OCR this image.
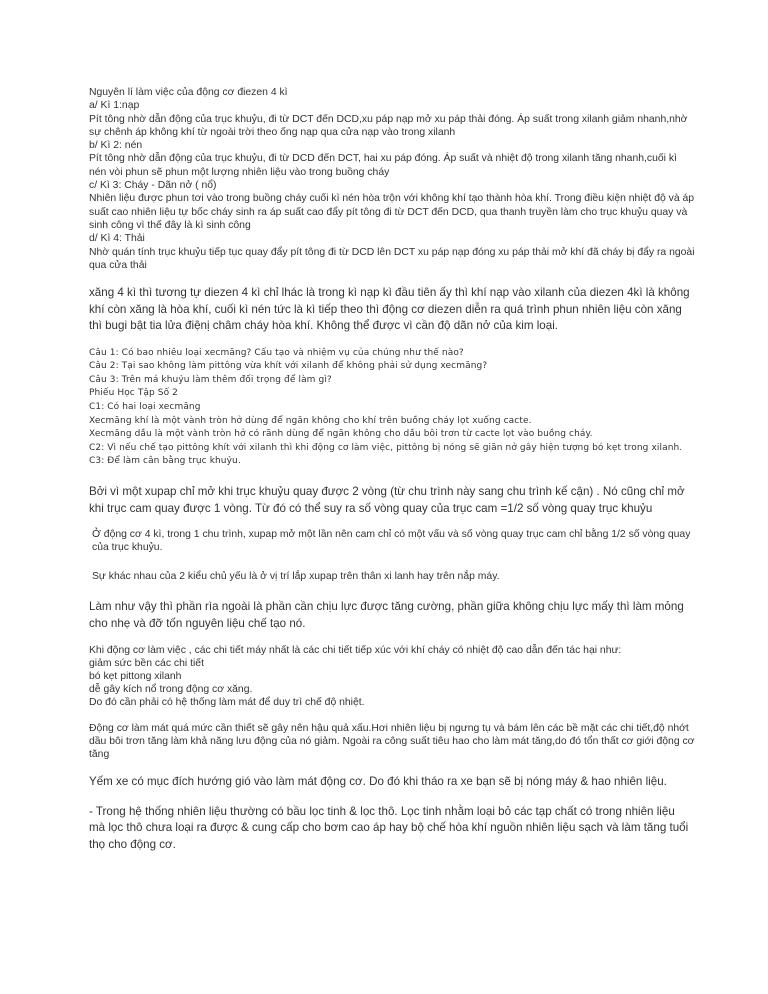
Nguyên lí làm việc của động cơ điezen 4 kì
a/ Kì 1:nạp
Pít tông nhờ dẫn động của trục khuỷu, đi từ DCT đến DCD,xu páp nạp mở xu páp thải đóng. Áp suất trong xilanh giảm nhanh,nhờ
sự chênh áp không khí từ ngoài trời theo ống nạp qua cửa nạp vào trong xilanh
b/ Kì 2: nén
Pít tông nhờ dẫn động của trục khuỷu, đi từ DCD đến DCT, hai xu páp đóng. Áp suất và nhiệt độ trong xilanh tăng nhanh,cuối kì
nén vòi phun sẽ phun một lượng nhiên liệu vào trong buồng cháy
c/ Kì 3: Cháy - Dãn nở ( nổ)
Nhiên liệu được phun tơi vào trong buồng cháy cuối kì nén hòa trộn với không khí tạo thành hòa khí. Trong điều kiện nhiệt độ và áp
suất cao nhiên liệu tự bốc cháy sinh ra áp suất cao đẩy pít tông đi từ DCT đến DCD, qua thanh truyền làm cho trục khuỷu quay và
sinh công vì thế đây là kì sinh công
d/ Kì 4: Thải
Nhờ quán tính trục khuỷu tiếp tục quay đẩy pít tông đi từ DCD lên DCT xu páp nạp đóng xu páp thải mở khí đã cháy bị đẩy ra ngoài
qua cửa thải
xăng 4 kì thì tương tự diezen 4 kì chỉ lhác là trong kì nạp kì đầu tiên ấy thì khí nạp vào xilanh của diezen 4kì là không
khí còn xăng là hòa khí, cuối kì nén tức là kì tiếp theo thì động cơ diezen diễn ra quá trình phun nhiên liệu còn xăng
thì bugi bật tia lửa điệnị châm cháy hòa khí. Không thể được vì cần độ dãn nở của kim loại.
Câu 1: Có bao nhiêu loại xecmăng? Cấu tạo và nhiệm vụ của chúng như thế nào?
Câu 2: Tại sao không làm pittông vừa khít với xilanh để không phải sử dụng xecmăng?
Câu 3: Trên má khuỷu làm thêm đối trọng để làm gì?
Phiếu Học Tập Số 2
C1: Có hai loại xecmăng
Xecmăng khí là một vành tròn hở dùng để ngăn không cho khí trên buồng cháy lọt xuống cacte.
Xecmăng dầu là một vành tròn hở có rãnh dùng để ngăn không cho dầu bôi trơn từ cacte lọt vào buồng cháy.
C2: Vì nếu chế tạo pittông khít với xilanh thì khi động cơ làm việc, pittông bị nóng sẽ giãn nở gây hiện tượng bó kẹt trong xilanh.
C3: Để làm cân bằng trục khuỷu.
Bởi vì một xupap chỉ mở khi trục khuỷu quay được 2 vòng (từ chu trình này sang chu trình kế cận) . Nó cũng chỉ mở
khi trục cam quay được 1 vòng. Từ đó có thể suy ra số vòng quay của trục cam =1/2 số vòng quay trục khuỷu
Ở động cơ 4 kì, trong 1 chu trình, xupap mở một lần nên cam chỉ có một vấu và số vòng quay trục cam chỉ bằng 1/2 số vòng quay
của trục khuỷu.
Sự khác nhau của 2 kiểu chủ yếu là ở vị trí lắp xupap trên thân xi lanh hay trên nắp máy.
Làm như vậy thì phần rìa ngoài là phần cần chịu lực được tăng cường, phần giữa không chịu lực mấy thì làm mỏng
cho nhẹ và đỡ tốn nguyên liệu chế tạo nó.
Khi động cơ làm việc , các chi tiết máy nhất là các chi tiết tiếp xúc với khí cháy có nhiệt độ cao dẫn đến tác hại như:
giảm sức bền các chi tiết
bó kẹt pittong xilanh
dễ gây kích nổ trong động cơ xăng.
Do đó cần phải có hệ thống làm mát để duy trì chế độ nhiệt.
Động cơ làm mát quá mức cần thiết sẽ gây nên hậu quả xấu.Hơi nhiên liệu bị ngưng tụ và bám lên các bề mặt các chi tiết,độ nhớt
dầu bôi trơn tăng làm khả năng lưu động của nó giảm. Ngoài ra công suất tiêu hao cho làm mát tăng,do đó tổn thất cơ giới động cơ
tăng
Yếm xe có mục đích hướng gió vào làm mát động cơ. Do đó khi tháo ra xe bạn sẽ bị nóng máy & hao nhiên liệu.
- Trong hệ thống nhiên liệu thường có bầu lọc tinh & lọc thô. Lọc tinh nhằm loại bỏ các tạp chất có trong nhiên liệu
mà lọc thô chưa loại ra được & cung cấp cho bơm cao áp hay bộ chế hòa khí nguồn nhiên liệu sạch và làm tăng tuổi
thọ cho động cơ.
